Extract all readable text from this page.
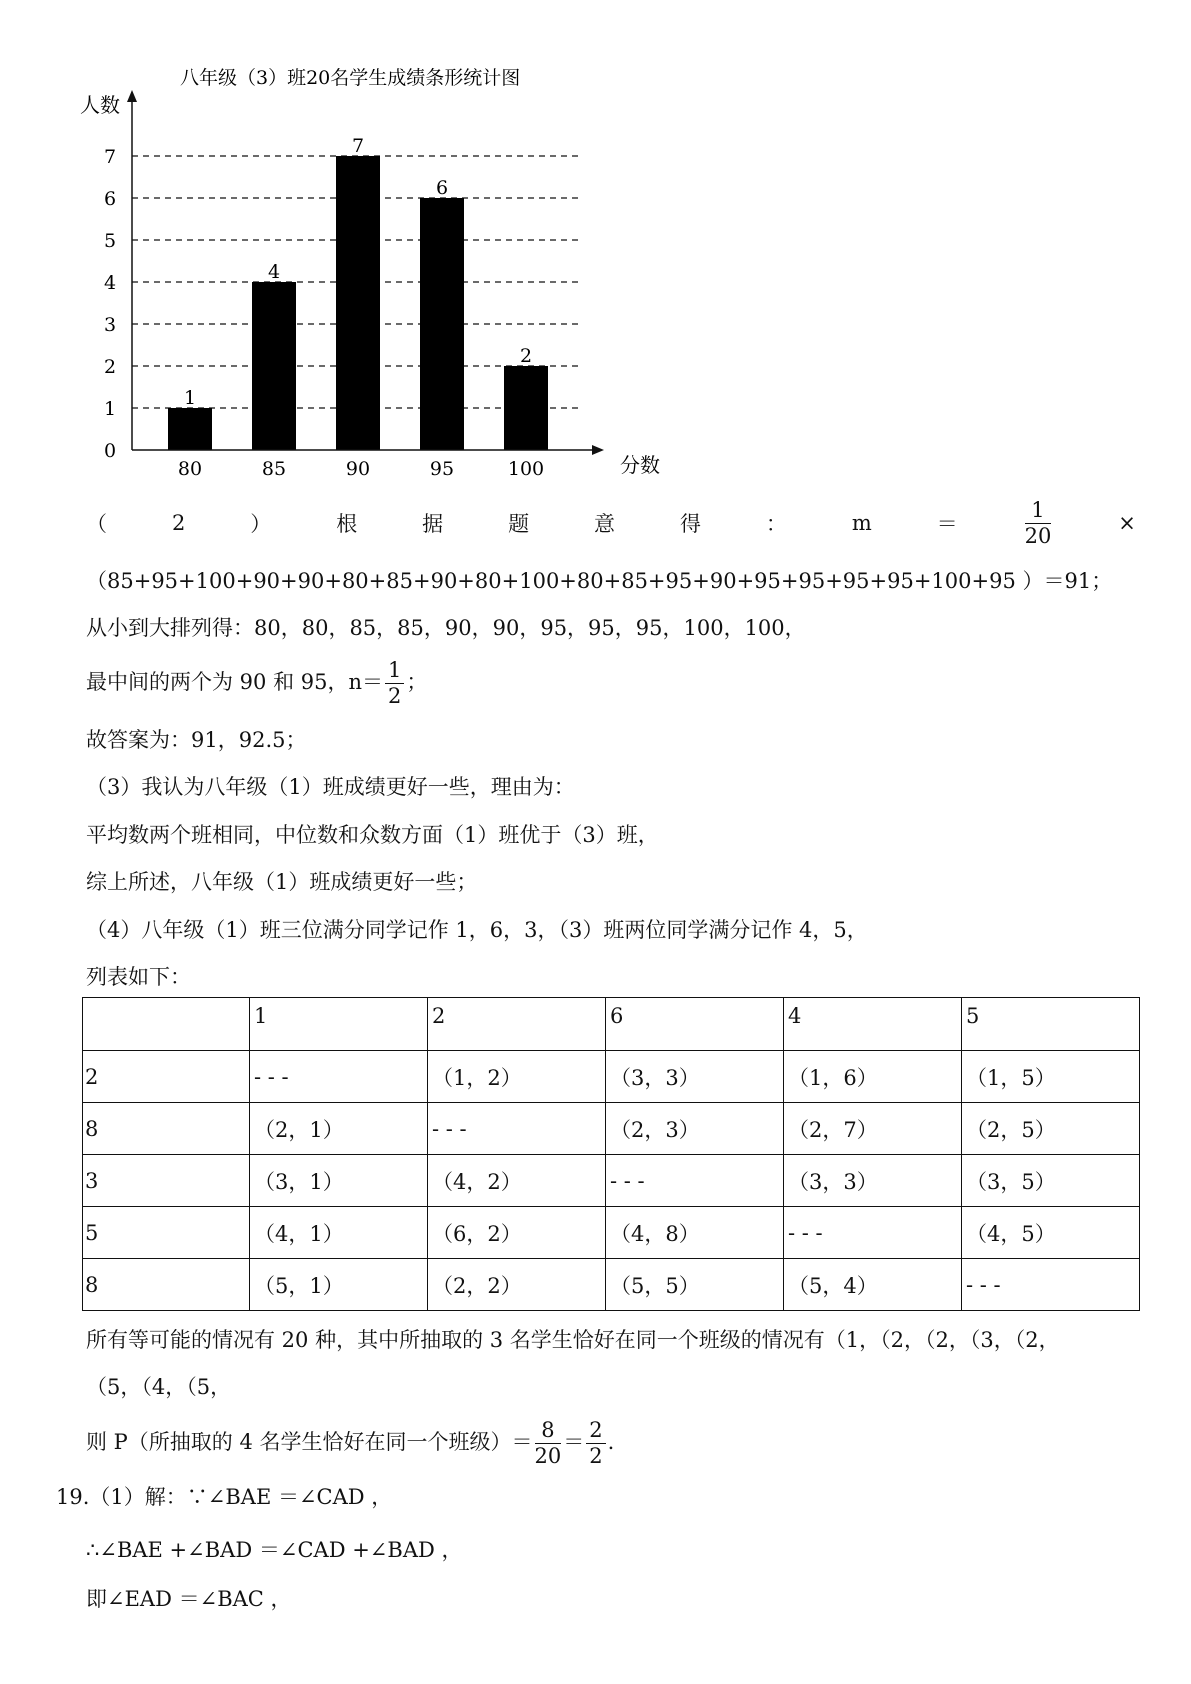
八年级（3）班20名学生成绩条形统计图
人数
分数
1
4
7
6
2
0
1
2
3
4
5
6
7
80	85	90	95	100
（	2	）	根	据	题	意	得	：	m	＝	$\frac{1}{20}$	×
（85+95+100+90+90+80+85+90+80+100+80+85+95+90+95+95+95+95+100+95 ）＝91；
从小到大排列得：80，80，85，85，90，90，95，95，95，100，100，
最中间的两个为 90 和 95，$n= \frac{1}{2}$ ；
故答案为：91，92.5；
（3）我认为八年级（1）班成绩更好一些，理由为：
平均数两个班相同，中位数和众数方面（1）班优于（3）班，
综上所述，八年级（1）班成绩更好一些；
（4）八年级（1）班三位满分同学记作 1，6，3，（3）班两位同学满分记作 4，5，
列表如下：
	1	2	6	4	5
2	- - -	（1，2）	（3，3）	（1，6）	（1，5）
8	（2，1）	- - -	（2，3）	（2，7）	（2，5）
3	（3，1）	（4，2）	- - -	（3，3）	（3，5）
5	（4，1）	（6，2）	（4，8）	- - -	（4，5）
8	（5，1）	（2，2）	（5，5）	（5，4）	- - -
所有等可能的情况有 20 种，其中所抽取的 3 名学生恰好在同一个班级的情况有（1，（2，（2，（3，（2，
（5，（4，（5，
则 P（所抽取的 4 名学生恰好在同一个班级）＝ $\frac{8}{20} = \frac{2}{2}$ .
19.（1）解：∵∠BAE ＝∠CAD ，
∴∠BAE +∠BAD ＝∠CAD +∠BAD ，
即∠EAD ＝∠BAC ，
